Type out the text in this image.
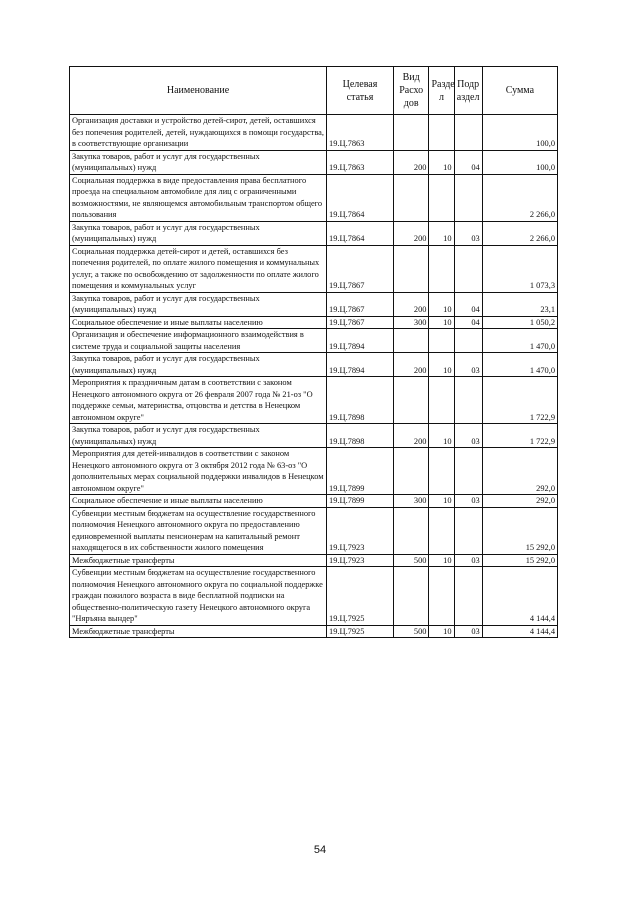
Наименование	Целевая статья	Вид Расхо дов	Разде л	Подр аздел	Сумма
Организация доставки и устройство детей-сирот, детей, оставшихся без попечения родителей, детей, нуждающихся в помощи государства, в соответствующие организации	19.Ц.7863				100,0
Закупка товаров, работ и услуг для государственных (муниципальных) нужд	19.Ц.7863	200	10	04	100,0
Социальная поддержка в виде предоставления права бесплатного проезда на специальном автомобиле для лиц с ограниченными возможностями, не являющемся автомобильным транспортом общего пользования	19.Ц.7864				2 266,0
Закупка товаров, работ и услуг для государственных (муниципальных) нужд	19.Ц.7864	200	10	03	2 266,0
Социальная поддержка детей-сирот и детей, оставшихся без попечения родителей, по оплате жилого помещения и коммунальных услуг, а также по освобождению от задолженности по оплате жилого помещения и коммунальных услуг	19.Ц.7867				1 073,3
Закупка товаров, работ и услуг для государственных (муниципальных) нужд	19.Ц.7867	200	10	04	23,1
Социальное обеспечение и иные выплаты населению	19.Ц.7867	300	10	04	1 050,2
Организация и обеспечение информационного взаимодействия в системе труда и социальной защиты населения	19.Ц.7894				1 470,0
Закупка товаров, работ и услуг для государственных (муниципальных) нужд	19.Ц.7894	200	10	03	1 470,0
Мероприятия к праздничным датам в соответствии с законом Ненецкого автономного округа от 26 февраля 2007 года № 21-оз "О поддержке семьи, материнства, отцовства и детства в Ненецком автономном округе"	19.Ц.7898				1 722,9
Закупка товаров, работ и услуг для государственных (муниципальных) нужд	19.Ц.7898	200	10	03	1 722,9
Мероприятия для детей-инвалидов в соответствии с законом Ненецкого автономного округа от 3 октября 2012 года № 63-оз "О дополнительных мерах социальной поддержки инвалидов в Ненецком автономном округе"	19.Ц.7899				292,0
Социальное обеспечение и иные выплаты населению	19.Ц.7899	300	10	03	292,0
Субвенции местным бюджетам на осуществление государственного полномочия Ненецкого автономного округа по предоставлению единовременной выплаты пенсионерам на капитальный ремонт находящегося в их собственности жилого помещения	19.Ц.7923				15 292,0
Межбюджетные трансферты	19.Ц.7923	500	10	03	15 292,0
Субвенции местным бюджетам на осуществление государственного полномочия Ненецкого автономного округа по социальной поддержке граждан пожилого возраста в виде бесплатной подписки на общественно-политическую газету Ненецкого автономного округа "Няръяна вындер"	19.Ц.7925				4 144,4
Межбюджетные трансферты	19.Ц.7925	500	10	03	4 144,4
54
